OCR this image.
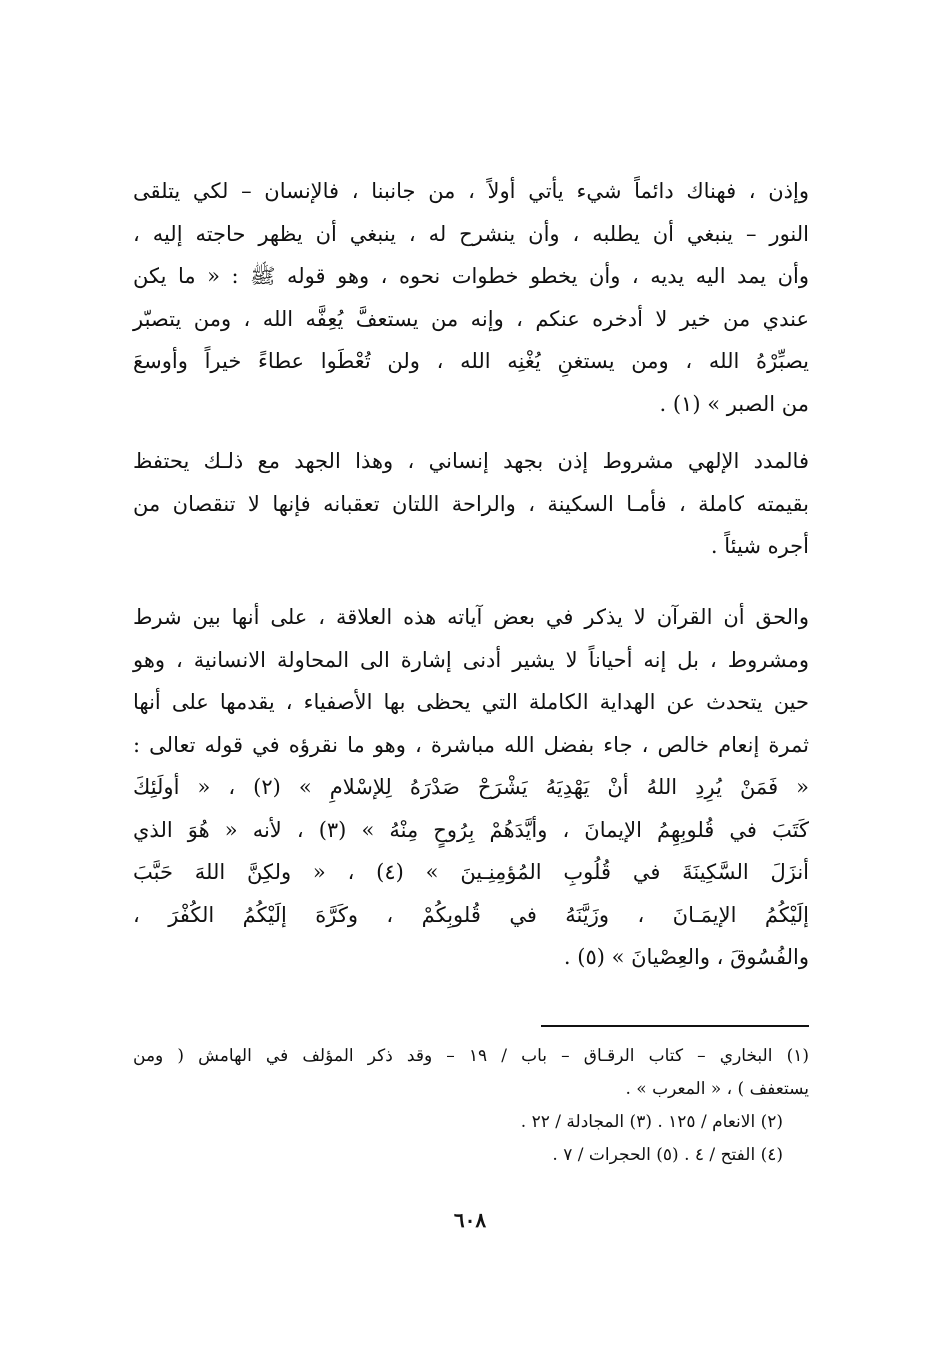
وإذن ، فهناك دائماً شيء يأتي أولاً ، من جانبنا ، فالإنسان – لكي يتلقى
النور – ينبغي أن يطلبه ، وأن ينشرح له ، ينبغي أن يظهر حاجته إليه ،
وأن يمد اليه يديه ، وأن يخطو خطوات نحوه ، وهو قوله ﷺ : « ما يكن
عندي من خير لا أدخره عنكم ، وإنه من يستعفَّ يُعِفَّه الله ، ومن يتصبّر
يصبِّرْهُ الله ، ومن يستغنِ يُغْنِه الله ، ولن تُعْطَوا عطاءً خيراً وأوسعَ
من الصبر » (١) .
فالمدد الإلهي مشروط إذن بجهد إنساني ، وهذا الجهد مع ذلـك يحتفظ
بقيمته كاملة ، فأمـا السكينة ، والراحة اللتان تعقبانه فإنها لا تنقصان من
أجره شيئاً .
والحق أن القرآن لا يذكر في بعض آياته هذه العلاقة ، على أنها بين شرط
ومشروط ، بل إنه أحياناً لا يشير أدنى إشارة الى المحاولة الانسانية ، وهو
حين يتحدث عن الهداية الكاملة التي يحظى بها الأصفياء ، يقدمها على أنها
ثمرة إنعام خالص ، جاء بفضل الله مباشرة ، وهو ما نقرؤه في قوله تعالى :
« فَمَنْ يُرِدِ اللهُ أنْ يَهْدِيَهُ يَشْرَحْ صَدْرَهُ لِلإسْلامِ » (٢) ، « أولَئِكَ
كَتَبَ في قُلوبِهِمُ الإيمانَ ، وأيَّدَهُمْ بِرُوحٍ مِنْهُ » (٣) ، لأنه « هُوَ الذي
أنزَلَ السَّكِينَةَ في قُلُوبِ المُؤمِنِـينَ » (٤) ، « ولكِنَّ اللهَ حَبَّبَ
إلَيْكُمُ الإيمَـانَ ، وزَيَّنَهُ في قُلوبِكُمْ ، وكَرَّهَ إلَيْكُمُ الكُفْرَ ،
والفُسُوقَ ، والعِصْيانَ » (٥) .
(١) البخاري – كتاب الرقـاق – باب / ١٩ – وقد ذكر المؤلف في الهامش ( ومن
يستعفف ) ، « المعرب » .
(٢) الانعام / ١٢٥ . (٣) المجادلة / ٢٢ .
(٤) الفتح / ٤ . (٥) الحجرات / ٧ .
٦٠٨
